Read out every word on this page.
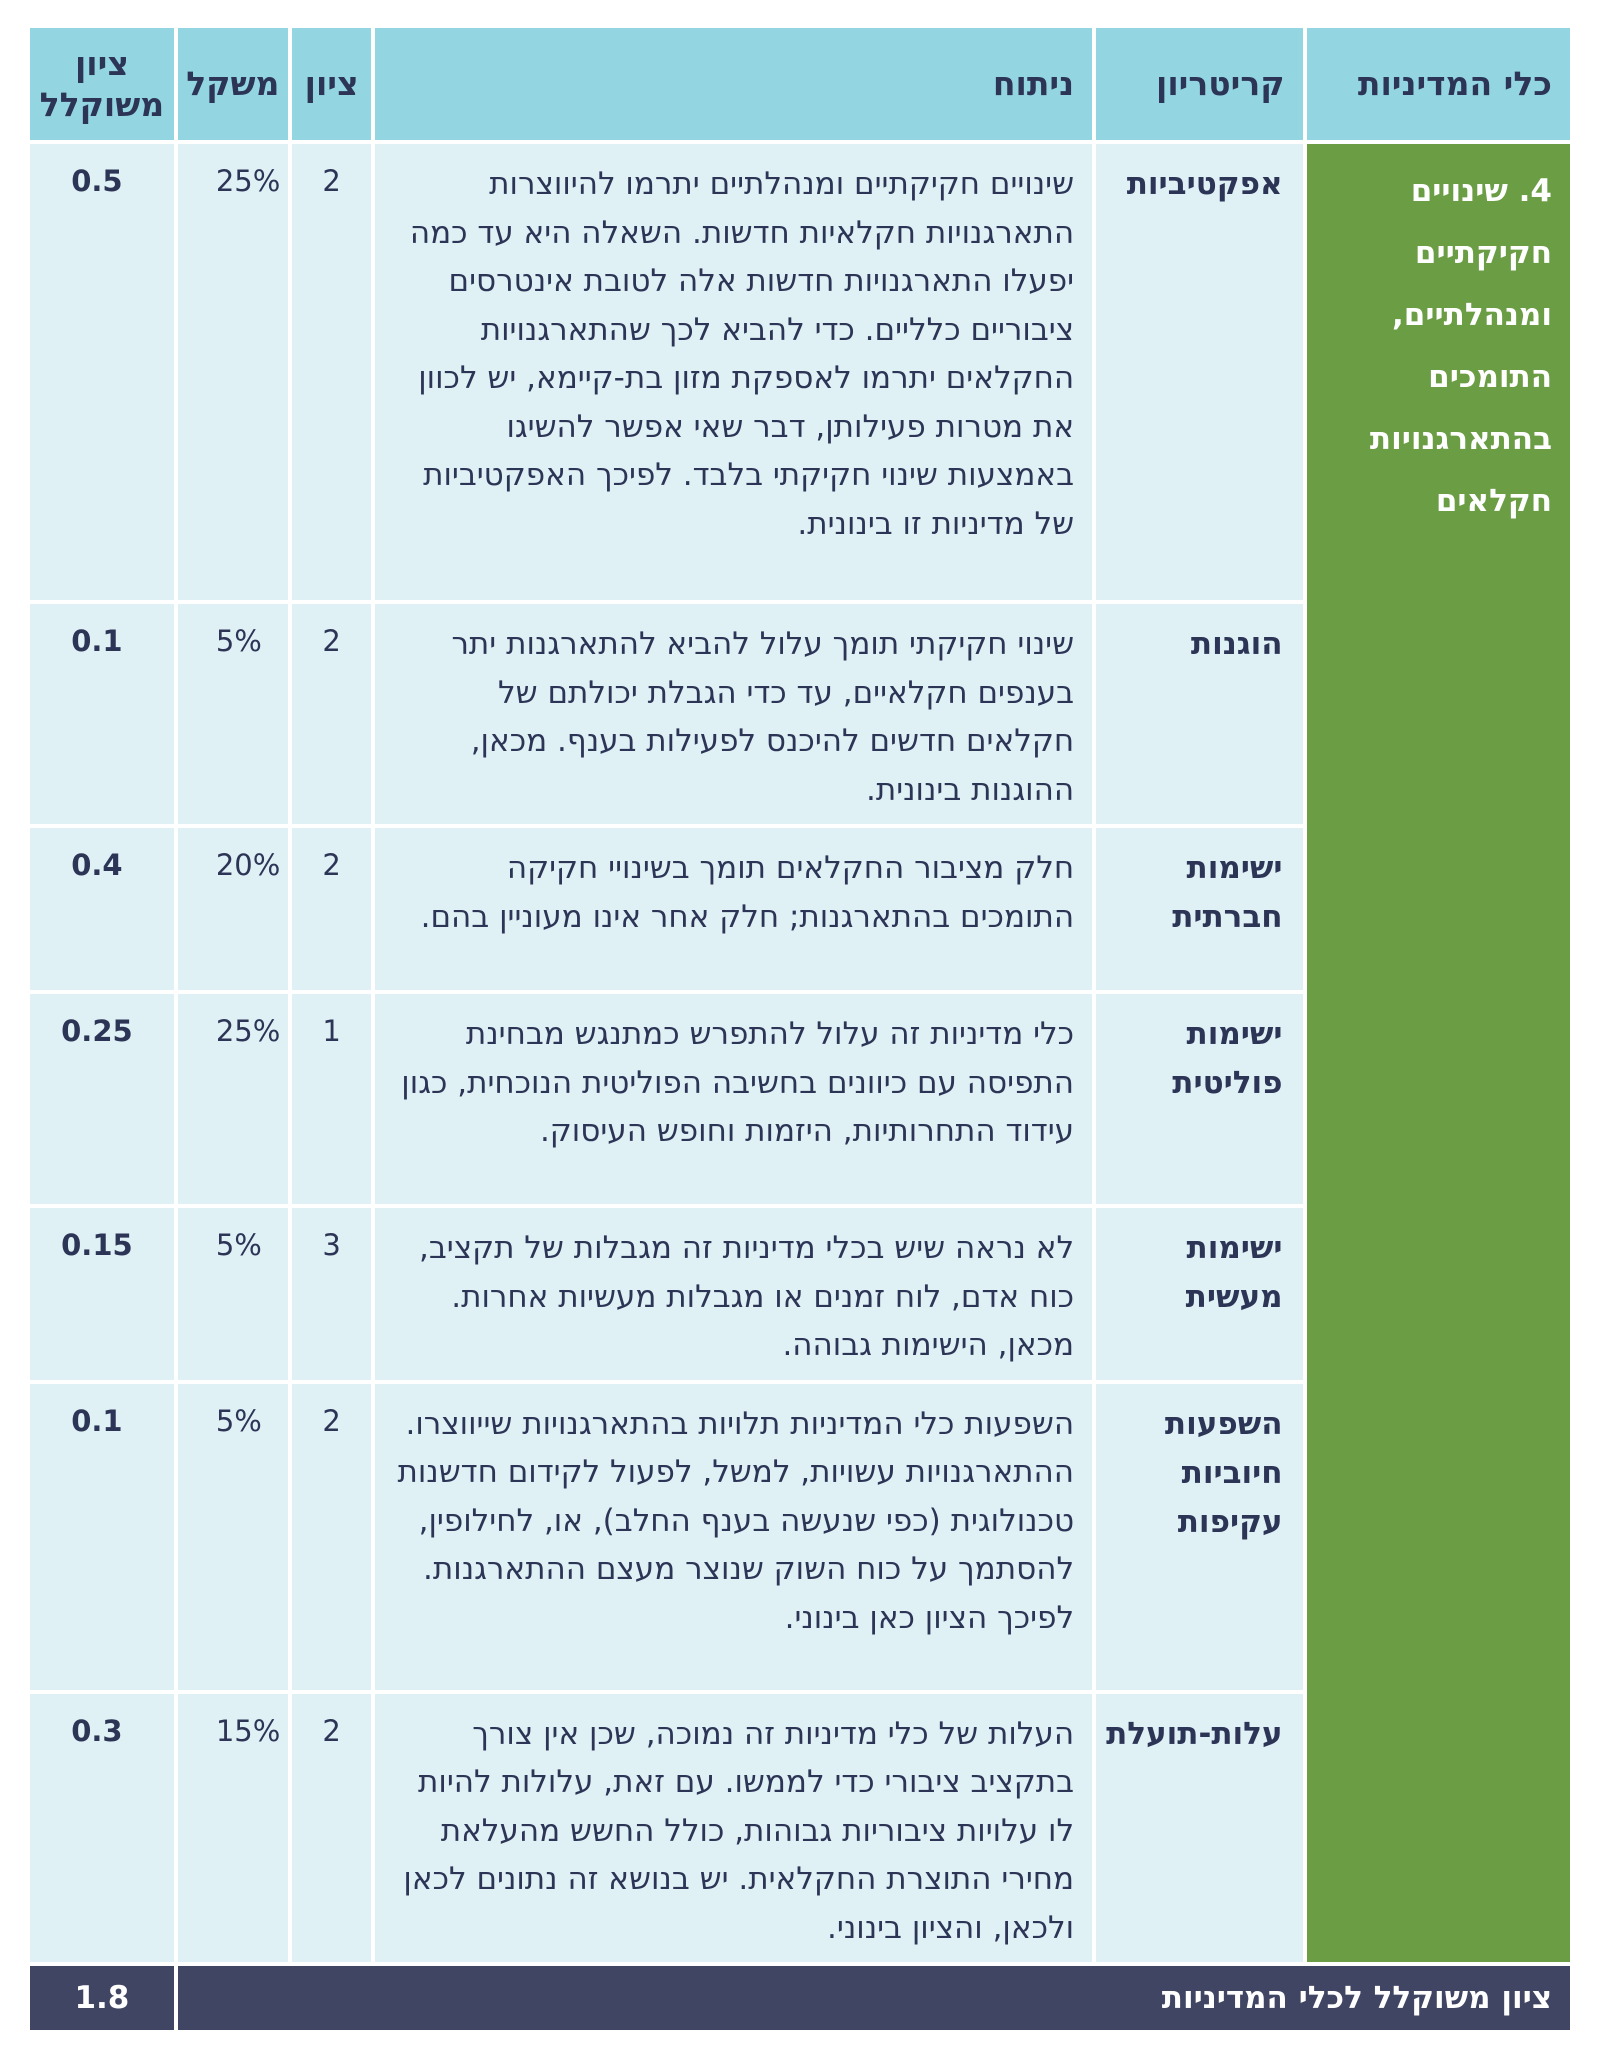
כלי המדיניות	קריטריון	ניתוח	ציון	משקל	ציון משוקלל
4. שינויים חקיקתיים ומנהלתיים, התומכים בהתארגנויות חקלאים	אפקטיביות	שינויים חקיקתיים ומנהלתיים יתרמו להיווצרות התארגנויות חקלאיות חדשות. השאלה היא עד כמה יפעלו התארגנויות חדשות אלה לטובת אינטרסים ציבוריים כלליים. כדי להביא לכך שהתארגנויות החקלאים יתרמו לאספקת מזון בת-קיימא, יש לכוון את מטרות פעילותן, דבר שאי אפשר להשיגו באמצעות שינוי חקיקתי בלבד. לפיכך האפקטיביות של מדיניות זו בינונית.	2	25%	0.5
	הוגנות	שינוי חקיקתי תומך עלול להביא להתארגנות יתר בענפים חקלאיים, עד כדי הגבלת יכולתם של חקלאים חדשים להיכנס לפעילות בענף. מכאן, ההוגנות בינונית.	2	5%	0.1
	ישימות חברתית	חלק מציבור החקלאים תומך בשינויי חקיקה התומכים בהתארגנות; חלק אחר אינו מעוניין בהם.	2	20%	0.4
	ישימות פוליטית	כלי מדיניות זה עלול להתפרש כמתנגש מבחינת התפיסה עם כיוונים בחשיבה הפוליטית הנוכחית, כגון עידוד התחרותיות, היזמות וחופש העיסוק.	1	25%	0.25
	ישימות מעשית	לא נראה שיש בכלי מדיניות זה מגבלות של תקציב, כוח אדם, לוח זמנים או מגבלות מעשיות אחרות. מכאן, הישימות גבוהה.	3	5%	0.15
	השפעות חיוביות עקיפות	השפעות כלי המדיניות תלויות בהתארגנויות שייווצרו. ההתארגנויות עשויות, למשל, לפעול לקידום חדשנות טכנולוגית (כפי שנעשה בענף החלב), או, לחילופין, להסתמך על כוח השוק שנוצר מעצם ההתארגנות. לפיכך הציון כאן בינוני.	2	5%	0.1
	עלות-תועלת	העלות של כלי מדיניות זה נמוכה, שכן אין צורך בתקציב ציבורי כדי לממשו. עם זאת, עלולות להיות לו עלויות ציבוריות גבוהות, כולל החשש מהעלאת מחירי התוצרת החקלאית. יש בנושא זה נתונים לכאן ולכאן, והציון בינוני.	2	15%	0.3
ציון משוקלל לכלי המדיניות					1.8
